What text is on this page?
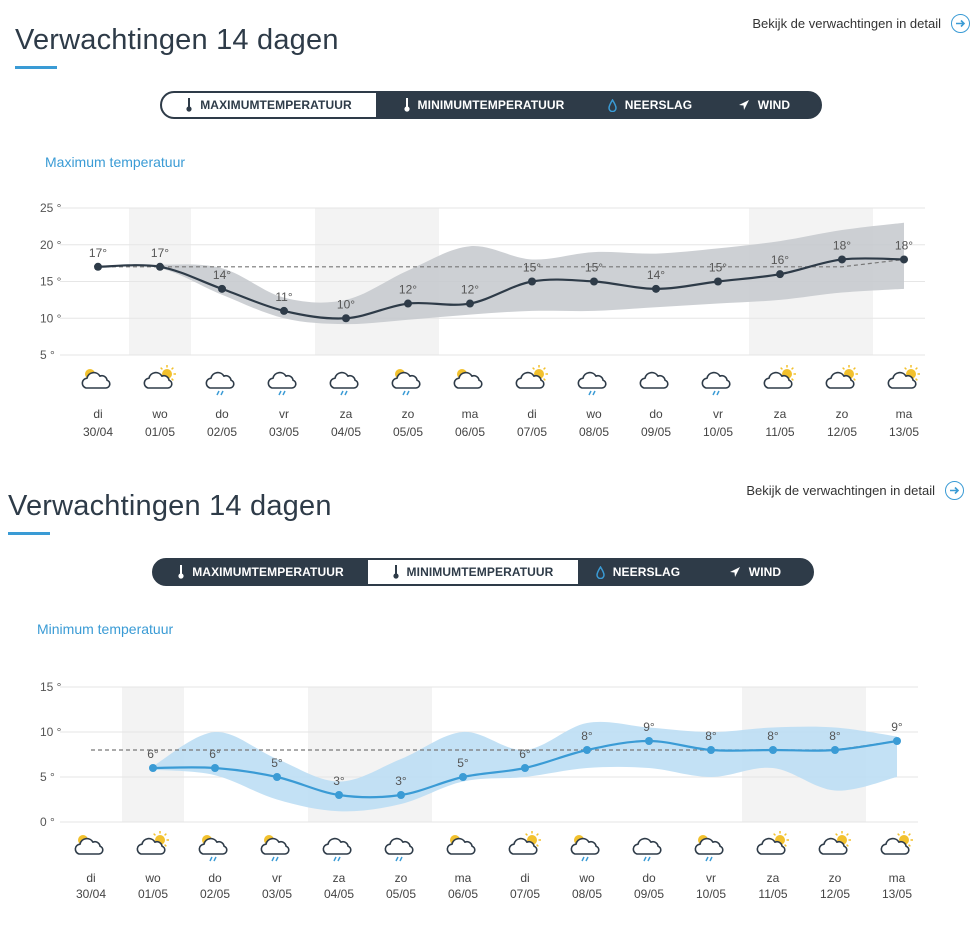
Verwachtingen 14 dagen
Bekijk de verwachtingen in detail
MAXIMUMTEMPERATUUR	MINIMUMTEMPERATUUR	NEERSLAG	WIND
Maximum temperatuur
25 °
20 °
15 °
10 °
5 °
17°	17°
14°
11°
10°
12°	12°
15°	15°
14°
15°
16°
18°	18°
di
30/04
wo
01/05
do
02/05
vr
03/05
za
04/05
zo
05/05
ma
06/05
di
07/05
wo
08/05
do
09/05
vr
10/05
za
11/05
zo
12/05
ma
13/05
Verwachtingen 14 dagen	Bekijk de verwachtingen in detail
MAXIMUMTEMPERATUUR	MINIMUMTEMPERATUUR	NEERSLAG	WIND
Minimum temperatuur
15 °
10 °
5 °
0 °
6°	6°
5°
3°	3°
5°
6°
8°
9°
8°	8°	8°
9°
di
30/04
wo
01/05
do
02/05
vr
03/05
za
04/05
zo
05/05
ma
06/05
di
07/05
wo
08/05
do
09/05
vr
10/05
za
11/05
zo
12/05
ma
13/05
